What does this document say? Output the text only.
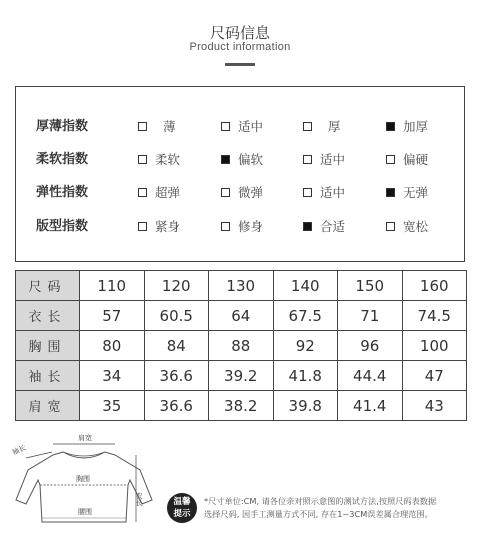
尺码信息
Product information
厚薄指数	薄	适中	厚	加厚
柔软指数	柔软	偏软	适中	偏硬
弹性指数	超弹	微弹	适中	无弹
版型指数	紧身	修身	合适	宽松
尺码	110	120	130	140	150	160
衣长	57	60.5	64	67.5	71	74.5
胸围	80	84	88	92	96	100
袖长	34	36.6	39.2	41.8	44.4	47
肩宽	35	36.6	38.2	39.8	41.4	43
肩宽
袖长
胸围
衣长
腰围
温馨
提示
*尺寸单位:CM, 请各位亲对照示意图的测试方法,按照尺码表数据
选择尺码, 因手工测量方式不同, 存在1~3CM误差属合理范围。
